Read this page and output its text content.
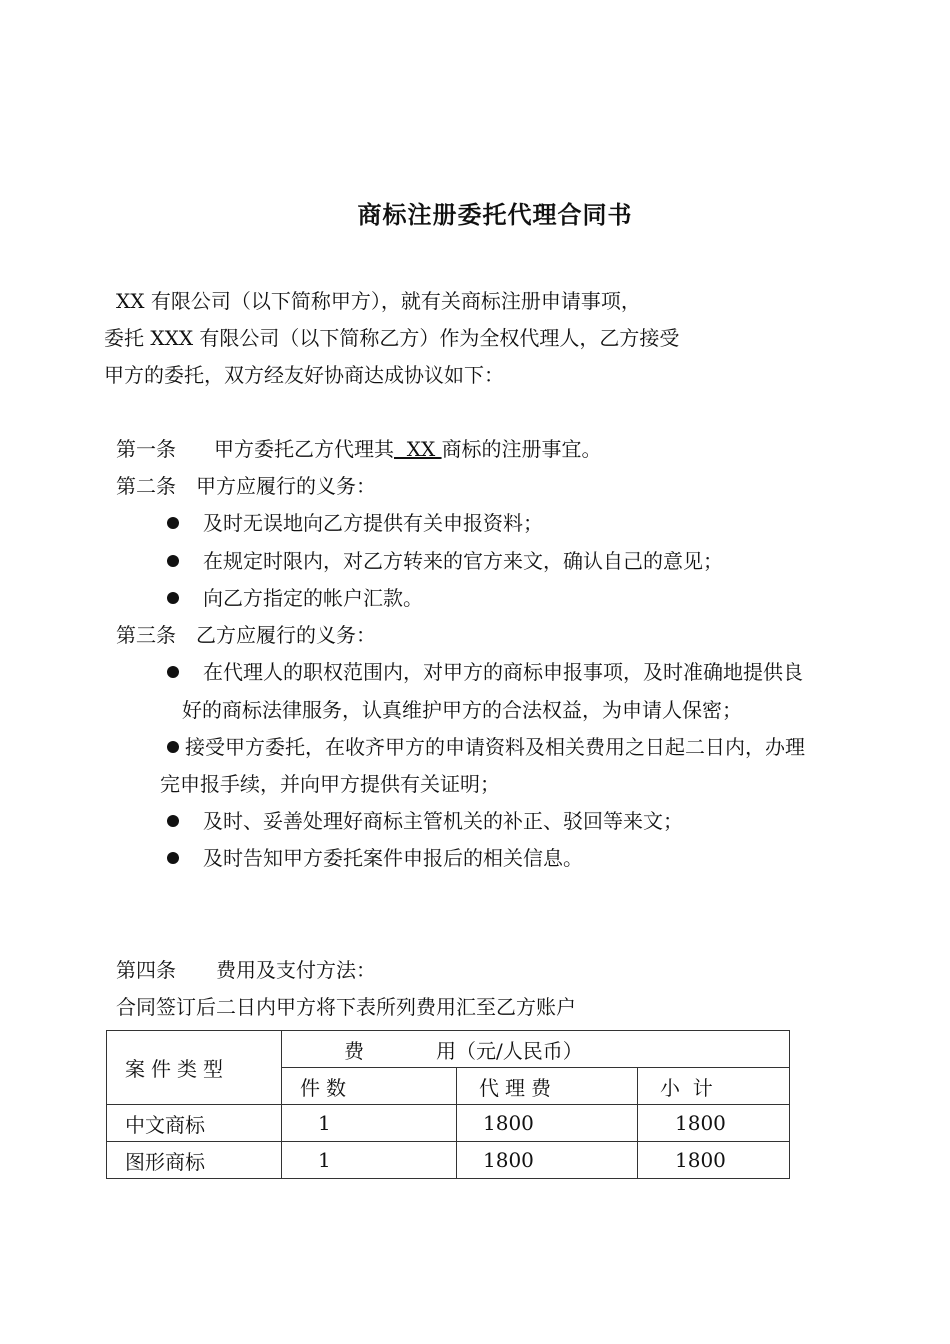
商标注册委托代理合同书
XX 有限公司（以下简称甲方），就有关商标注册申请事项，
委托 XXX 有限公司（以下简称乙方）作为全权代理人，乙方接受
甲方的委托，双方经友好协商达成协议如下：
第一条 甲方委托乙方代理其  XX 商标的注册事宜。
第二条 甲方应履行的义务：
及时无误地向乙方提供有关申报资料；
在规定时限内，对乙方转来的官方来文，确认自己的意见；
向乙方指定的帐户汇款。
第三条 乙方应履行的义务：
在代理人的职权范围内，对甲方的商标申报事项，及时准确地提供良
好的商标法律服务，认真维护甲方的合法权益，为申请人保密；
接受甲方委托，在收齐甲方的申请资料及相关费用之日起二日内，办理
完申报手续，并向甲方提供有关证明；
及时、妥善处理好商标主管机关的补正、驳回等来文；
及时告知甲方委托案件申报后的相关信息。
第四条 费用及支付方法：
合同签订后二日内甲方将下表所列费用汇至乙方账户
案件类型	费 用（元/人民币）		
	件数	代理费	小  计
中文商标	1	1800	1800
图形商标	1	1800	1800
